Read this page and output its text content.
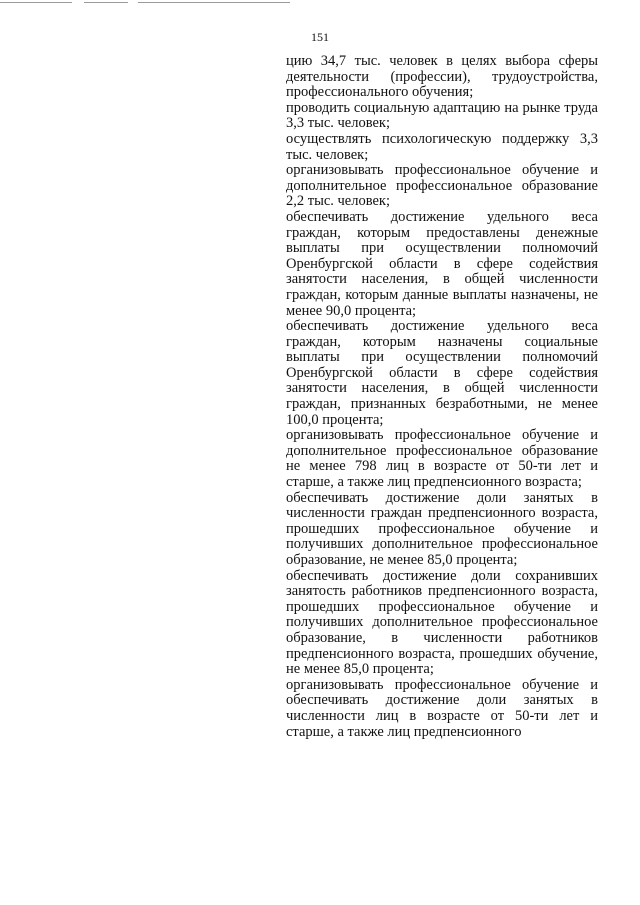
151

цию 34,7 тыс. человек в целях выбора сферы деятельности (профессии), трудоустройства, профессионального обучения;

проводить социальную адаптацию на рынке труда 3,3 тыс. человек;

осуществлять психологическую поддержку 3,3 тыс. человек;

организовывать профессиональное обучение и дополнительное профессиональное образование 2,2 тыс. человек;

обеспечивать достижение удельного веса граждан, которым предоставлены денежные выплаты при осуществлении полномочий Оренбургской области в сфере содействия занятости населения, в общей численности граждан, которым данные выплаты назначены, не менее 90,0 процента;

обеспечивать достижение удельного веса граждан, которым назначены социальные выплаты при осуществлении полномочий Оренбургской области в сфере содействия занятости населения, в общей численности граждан, признанных безработными, не менее 100,0 процента;

организовывать профессиональное обучение и дополнительное профессиональное образование не менее 798 лиц в возрасте от 50-ти лет и старше, а также лиц предпенсионного возраста;

обеспечивать достижение доли занятых в численности граждан предпенсионного возраста, прошедших профессиональное обучение и получивших дополнительное профессиональное образование, не менее 85,0 процента;

обеспечивать достижение доли сохранивших занятость работников предпенсионного возраста, прошедших профессиональное обучение и получивших дополнительное профессиональное образование, в численности работников предпенсионного возраста, прошедших обучение, не менее 85,0 процента;

организовывать профессиональное обучение и обеспечивать достижение доли занятых в численности лиц в возрасте от 50-ти лет и старше, а также лиц предпенсионного
